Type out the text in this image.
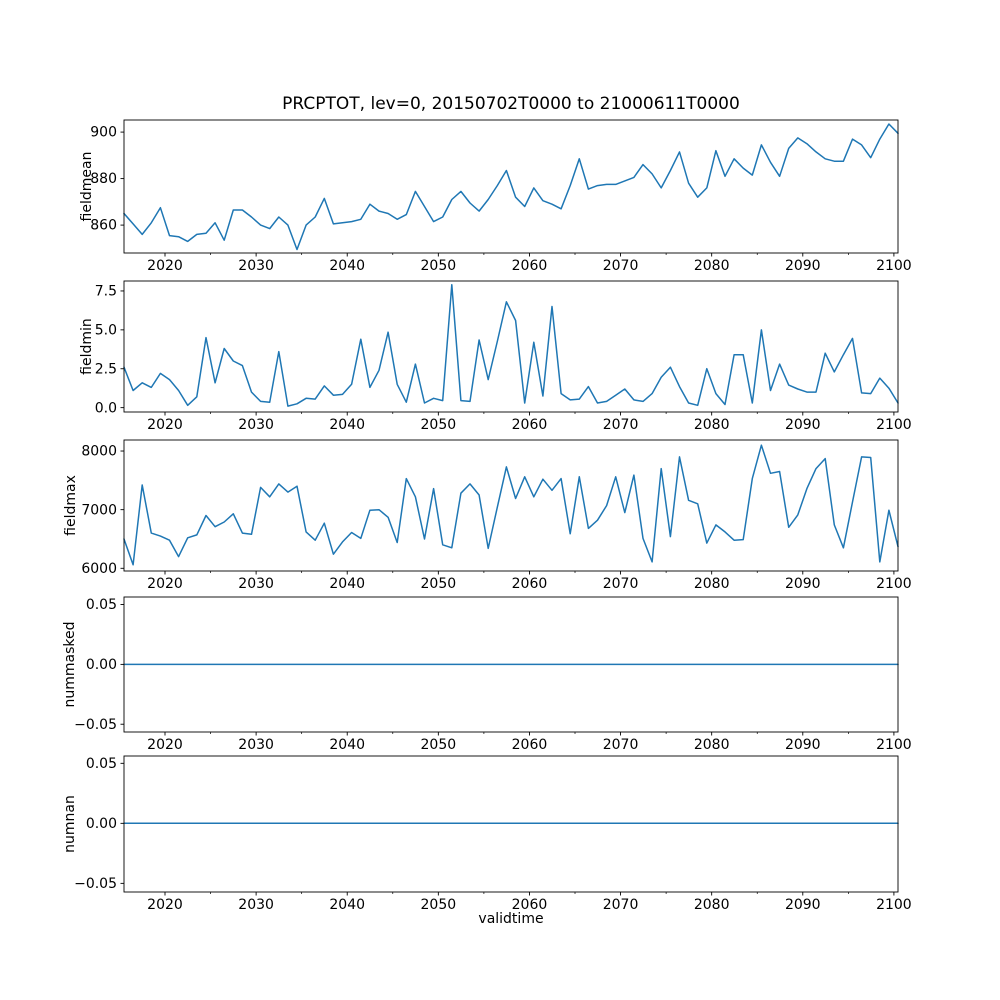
PRCPTOT, lev=0, 20150702T0000 to 21000611T0000
860
880
900
2020	2030	2040	2050	2060	2070	2080	2090	2100
fieldmean
0.0
2.5
5.0
7.5
2020	2030	2040	2050	2060	2070	2080	2090	2100
fieldmin
6000
7000
8000
2020	2030	2040	2050	2060	2070	2080	2090	2100
fieldmax
−0.05
0.00
0.05
2020	2030	2040	2050	2060	2070	2080	2090	2100
nummasked
−0.05
0.00
0.05
2020	2030	2040	2050	2060	2070	2080	2090	2100
numnan
validtime
